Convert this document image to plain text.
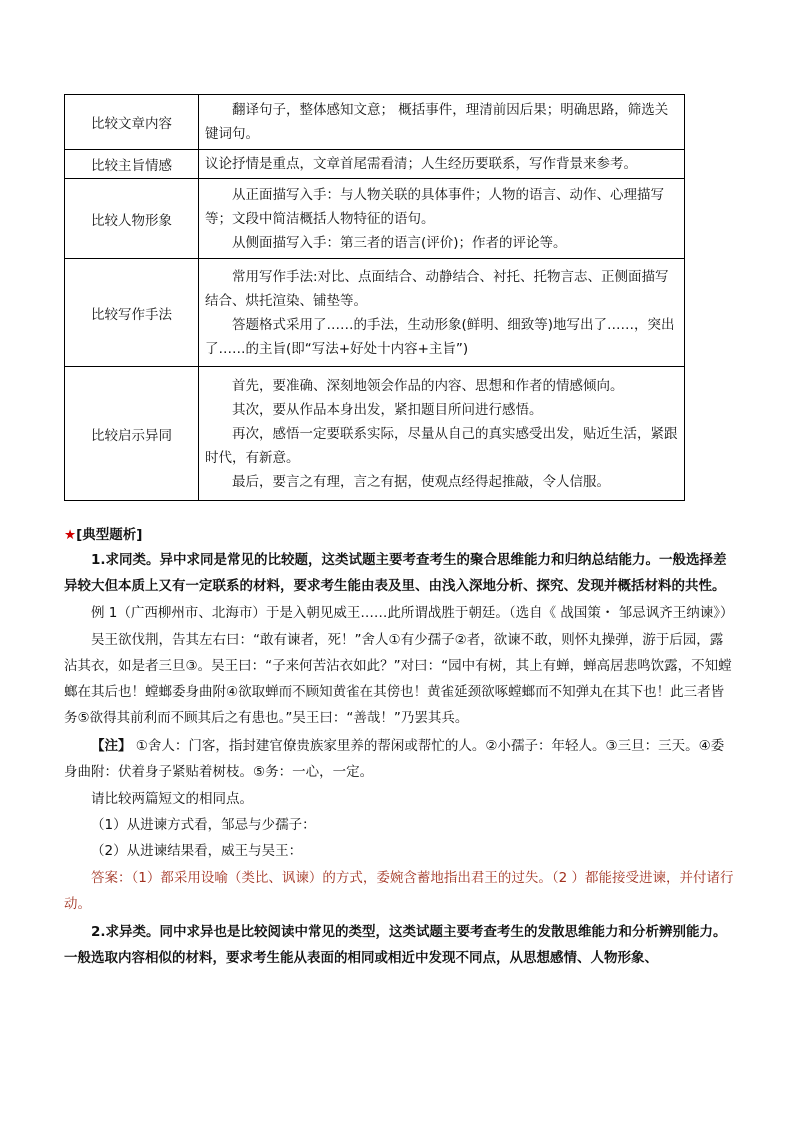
比较文章内容	翻译句子，整体感知文意； 概括事件，理清前因后果；明确思路，筛选关键词句。

比较主旨情感	议论抒情是重点，文章首尾需看清；人生经历要联系，写作背景来参考。

比较人物形象	从正面描写入手：与人物关联的具体事件；人物的语言、动作、心理描写等；文段中简洁概括人物特征的语句。

从侧面描写入手：第三者的语言(评价)；作者的评论等。

比较写作手法	常用写作手法:对比、点面结合、动静结合、衬托、托物言志、正侧面描写结合、烘托渲染、铺垫等。

答题格式采用了……的手法，生动形象(鲜明、细致等)地写出了……，突出了……的主旨(即“写法+好处十内容+主旨”)

比较启示异同	首先，要准确、深刻地领会作品的内容、思想和作者的情感倾向。

其次，要从作品本身出发，紧扣题目所问进行感悟。

再次，感悟一定要联系实际，尽量从自己的真实感受出发，贴近生活，紧跟时代，有新意。

最后，要言之有理，言之有据，使观点经得起推敲，令人信服。

★[典型题析]

1.求同类。异中求同是常见的比较题，这类试题主要考查考生的聚合思维能力和归纳总结能力。一般选择差异较大但本质上又有一定联系的材料，要求考生能由表及里、由浅入深地分析、探究、发现并概括材料的共性。

例 1（广西柳州市、北海市）于是入朝见威王……此所谓战胜于朝廷。（选自《 战国策・ 邹忌讽齐王纳谏》）

吴王欲伐荆，告其左右曰：“敢有谏者，死！”舍人①有少孺子②者，欲谏不敢，则怀丸操弹，游于后园，露沾其衣，如是者三旦③。吴王曰：“子来何苦沾衣如此？”对曰：“园中有树，其上有蝉，蝉高居悲鸣饮露，不知螳螂在其后也！螳螂委身曲附④欲取蝉而不顾知黄雀在其傍也！黄雀延颈欲啄螳螂而不知弹丸在其下也！此三者皆务⑤欲得其前利而不顾其后之有患也。”吴王曰：“善哉！”乃罢其兵。

【注】 ①舍人：门客，指封建官僚贵族家里养的帮闲或帮忙的人。②小孺子：年轻人。③三旦：三天。④委身曲附：伏着身子紧贴着树枝。⑤务：一心，一定。

请比较两篇短文的相同点。

（1）从进谏方式看，邹忌与少孺子：

（2）从进谏结果看，威王与吴王：

答案：（1）都采用设喻（类比、讽谏）的方式，委婉含蓄地指出君王的过失。（2 ）都能接受进谏，并付诸行动。

2.求异类。同中求异也是比较阅读中常见的类型，这类试题主要考查考生的发散思维能力和分析辨别能力。一般选取内容相似的材料，要求考生能从表面的相同或相近中发现不同点，从思想感情、人物形象、
